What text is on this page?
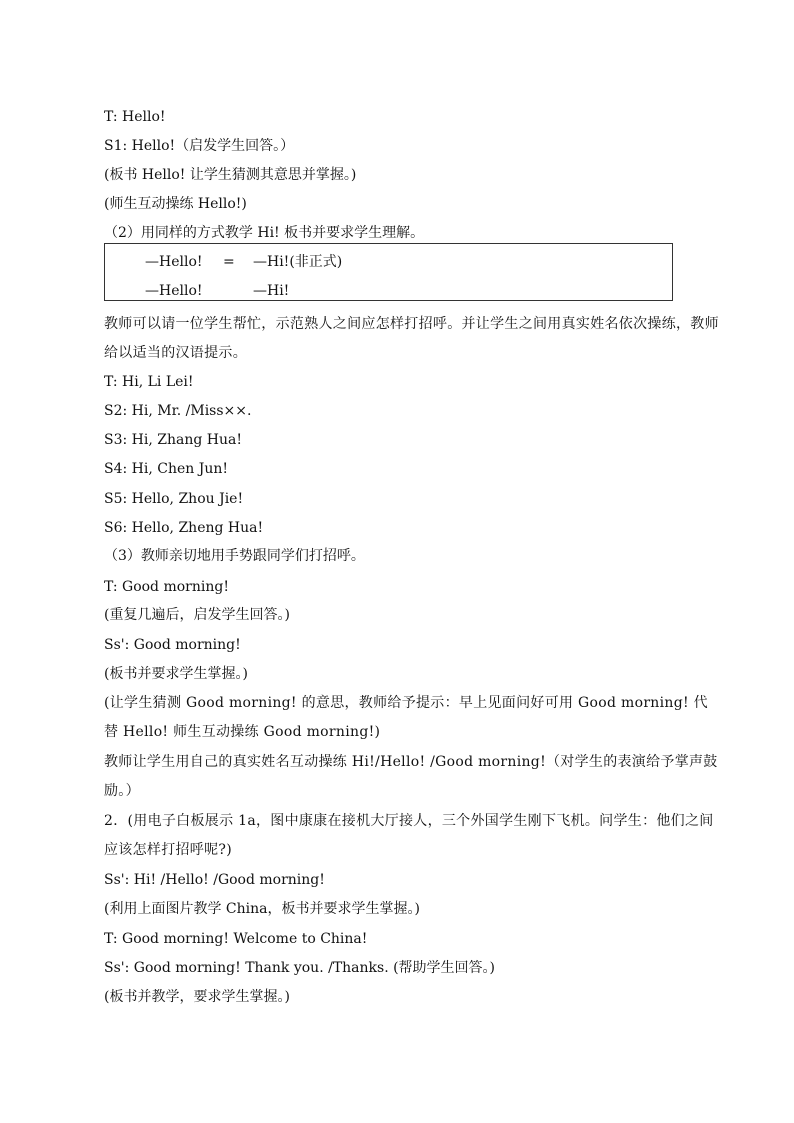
T: Hello!
S1: Hello!（启发学生回答。）
(板书 Hello! 让学生猜测其意思并掌握。)
(师生互动操练 Hello!)
（2）用同样的方式教学 Hi! 板书并要求学生理解。
—Hello! = —Hi!(非正式)
—Hello!	—Hi!
教师可以请一位学生帮忙，示范熟人之间应怎样打招呼。并让学生之间用真实姓名依次操练，教师给以适当的汉语提示。
T: Hi, Li Lei!
S2: Hi, Mr. /Miss××.
S3: Hi, Zhang Hua!
S4: Hi, Chen Jun!
S5: Hello, Zhou Jie!
S6: Hello, Zheng Hua!
（3）教师亲切地用手势跟同学们打招呼。
T: Good morning!
(重复几遍后，启发学生回答。)
Ss': Good morning!
(板书并要求学生掌握。)
(让学生猜测 Good morning! 的意思，教师给予提示：早上见面问好可用 Good morning! 代替 Hello! 师生互动操练 Good morning!)
教师让学生用自己的真实姓名互动操练 Hi!/Hello! /Good morning!（对学生的表演给予掌声鼓励。）
2．(用电子白板展示 1a，图中康康在接机大厅接人，三个外国学生刚下飞机。问学生：他们之间应该怎样打招呼呢?)
Ss': Hi! /Hello! /Good morning!
(利用上面图片教学 China，板书并要求学生掌握。)
T: Good morning! Welcome to China!
Ss': Good morning! Thank you. /Thanks. (帮助学生回答。)
(板书并教学，要求学生掌握。)
